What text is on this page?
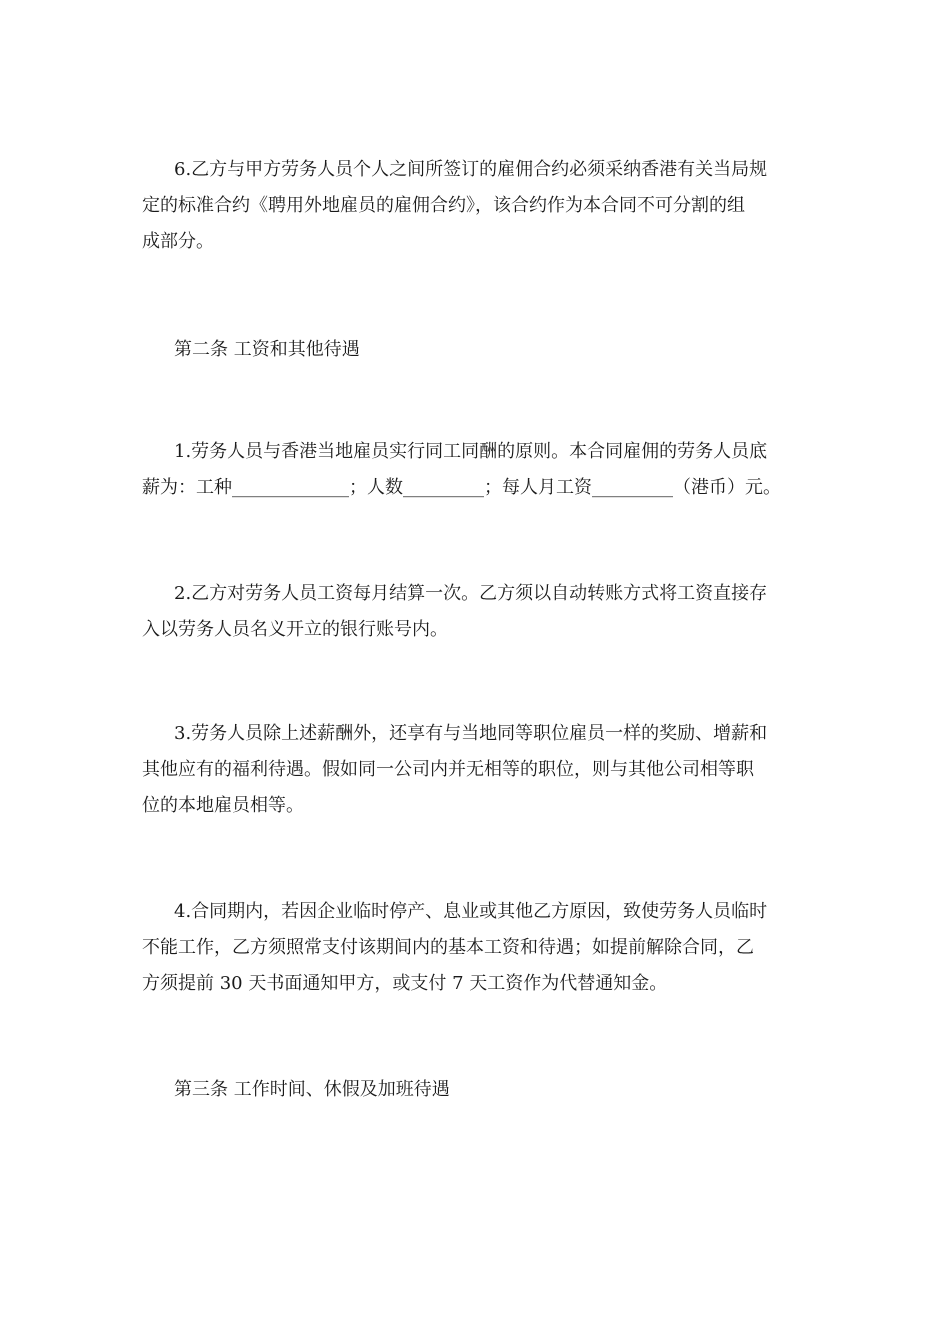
6.乙方与甲方劳务人员个人之间所签订的雇佣合约必须采纳香港有关当局规
定的标准合约《聘用外地雇员的雇佣合约》，该合约作为本合同不可分割的组
成部分。
第二条 工资和其他待遇
1.劳务人员与香港当地雇员实行同工同酬的原则。本合同雇佣的劳务人员底
薪为：工种_____________；人数_________；每人月工资_________（港币）元。
2.乙方对劳务人员工资每月结算一次。乙方须以自动转账方式将工资直接存
入以劳务人员名义开立的银行账号内。
3.劳务人员除上述薪酬外，还享有与当地同等职位雇员一样的奖励、增薪和
其他应有的福利待遇。假如同一公司内并无相等的职位，则与其他公司相等职
位的本地雇员相等。
4.合同期内，若因企业临时停产、息业或其他乙方原因，致使劳务人员临时
不能工作，乙方须照常支付该期间内的基本工资和待遇；如提前解除合同，乙
方须提前 30 天书面通知甲方，或支付 7 天工资作为代替通知金。
第三条 工作时间、休假及加班待遇
